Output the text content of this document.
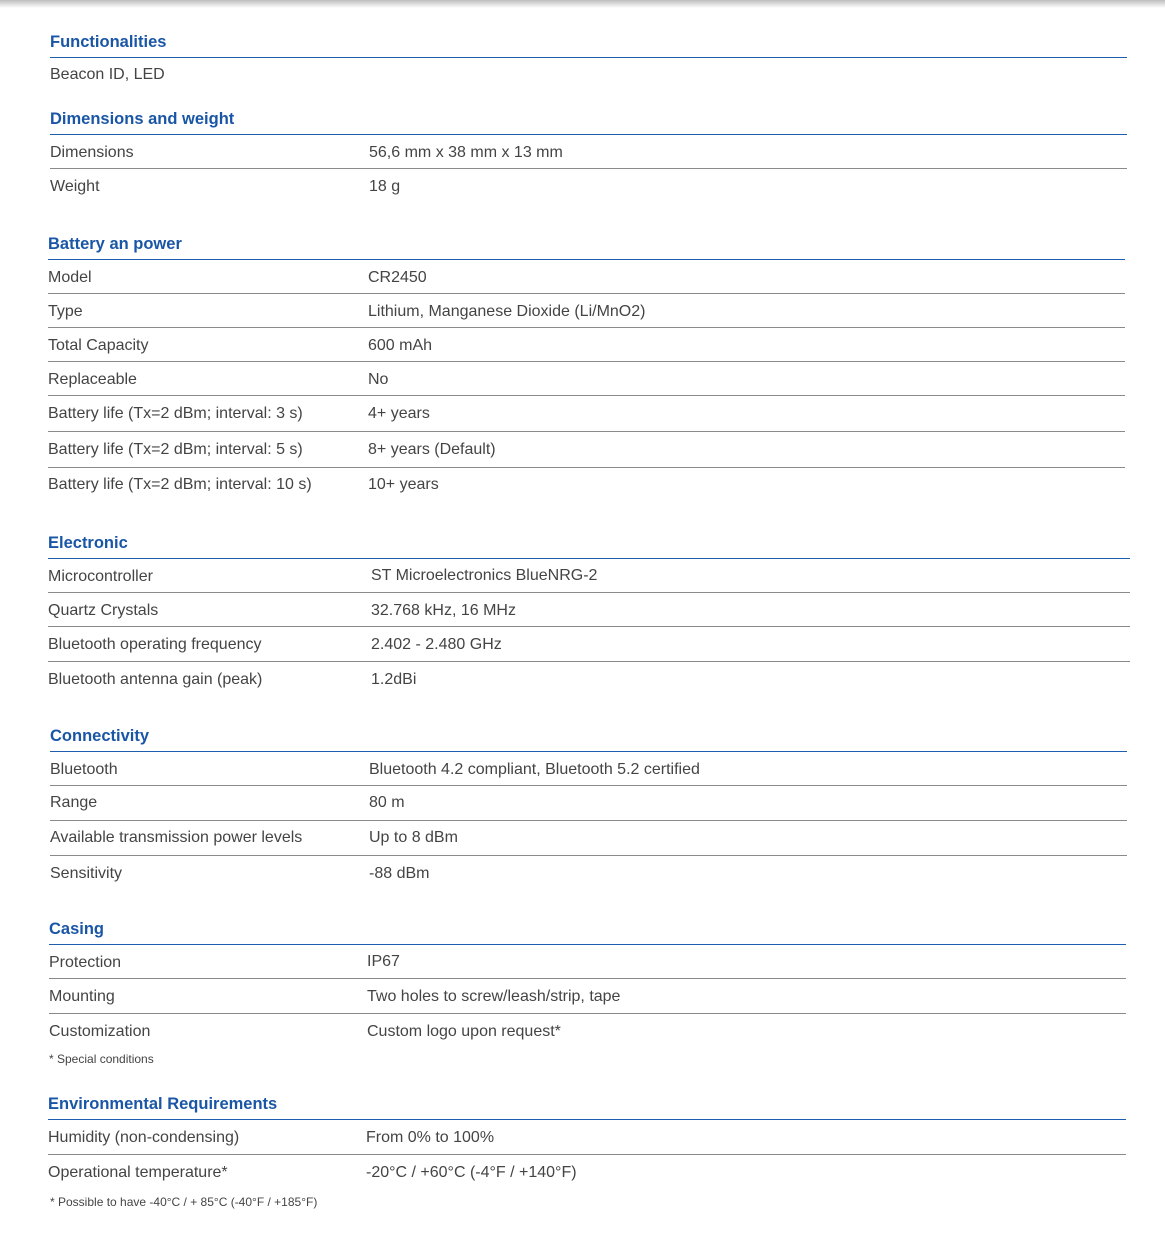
Functionalities
Beacon ID, LED
Dimensions and weight
Dimensions	56,6 mm x 38 mm x 13 mm
Weight	18 g
Battery an power
Model	CR2450
Type	Lithium, Manganese Dioxide (Li/MnO2)
Total Capacity	600 mAh
Replaceable	No
Battery life (Tx=2 dBm; interval: 3 s)	4+ years
Battery life (Tx=2 dBm; interval: 5 s)	8+ years (Default)
Battery life (Tx=2 dBm; interval: 10 s)	10+ years
Electronic
Microcontroller	ST Microelectronics BlueNRG-2
Quartz Crystals	32.768 kHz, 16 MHz
Bluetooth operating frequency	2.402 - 2.480 GHz
Bluetooth antenna gain (peak)	1.2dBi
Connectivity
Bluetooth	Bluetooth 4.2 compliant, Bluetooth 5.2 certified
Range	80 m
Available transmission power levels	Up to 8 dBm
Sensitivity	-88 dBm
Casing
Protection	IP67
Mounting	Two holes to screw/leash/strip, tape
Customization	Custom logo upon request*
* Special conditions
Environmental Requirements
Humidity (non-condensing)	From 0% to 100%
Operational temperature*	-20°C / +60°C (-4°F / +140°F)
* Possible to have -40°C / + 85°C (-40°F / +185°F)
